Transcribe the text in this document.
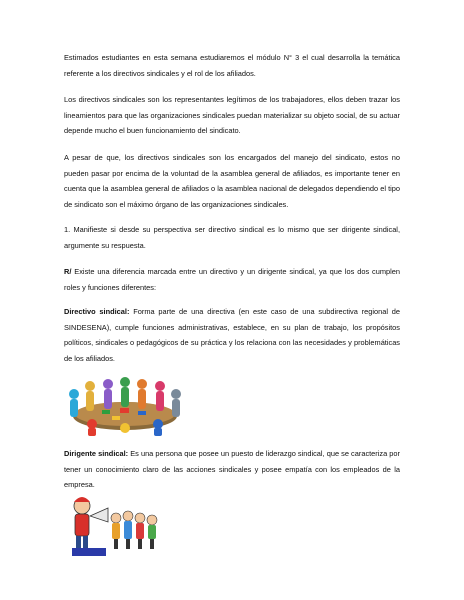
Estimados estudiantes en esta semana estudiaremos el módulo N° 3 el cual desarrolla la temática referente a los directivos sindicales y el rol de los afiliados.

Los directivos sindicales son los representantes legítimos de los trabajadores, ellos deben trazar los lineamientos para que las organizaciones sindicales puedan materializar su objeto social, de su actuar depende mucho el buen funcionamiento del sindicato.

A pesar de que, los directivos sindicales son los encargados del manejo del sindicato, estos no pueden pasar por encima de la voluntad de la asamblea general de afiliados, es importante tener en cuenta que la asamblea general de afiliados o la asamblea nacional de delegados dependiendo el tipo de sindicato son el máximo órgano de las organizaciones sindicales.

1. Manifieste si desde su perspectiva ser directivo sindical es lo mismo que ser dirigente sindical, argumente su respuesta.

R/ Existe una diferencia marcada entre un directivo y un dirigente sindical, ya que los dos cumplen roles y funciones diferentes:

Directivo sindical: Forma parte de una directiva (en este caso de una subdirectiva regional de SINDESENA), cumple funciones administrativas, establece, en su plan de trabajo, los propósitos políticos, sindicales o pedagógicos de su práctica y los relaciona con las necesidades y problemáticas de los afiliados.

Dirigente sindical: Es una persona que posee un puesto de liderazgo sindical, que se caracteriza por tener un conocimiento claro de las acciones sindicales y posee empatía con los empleados de la empresa.
